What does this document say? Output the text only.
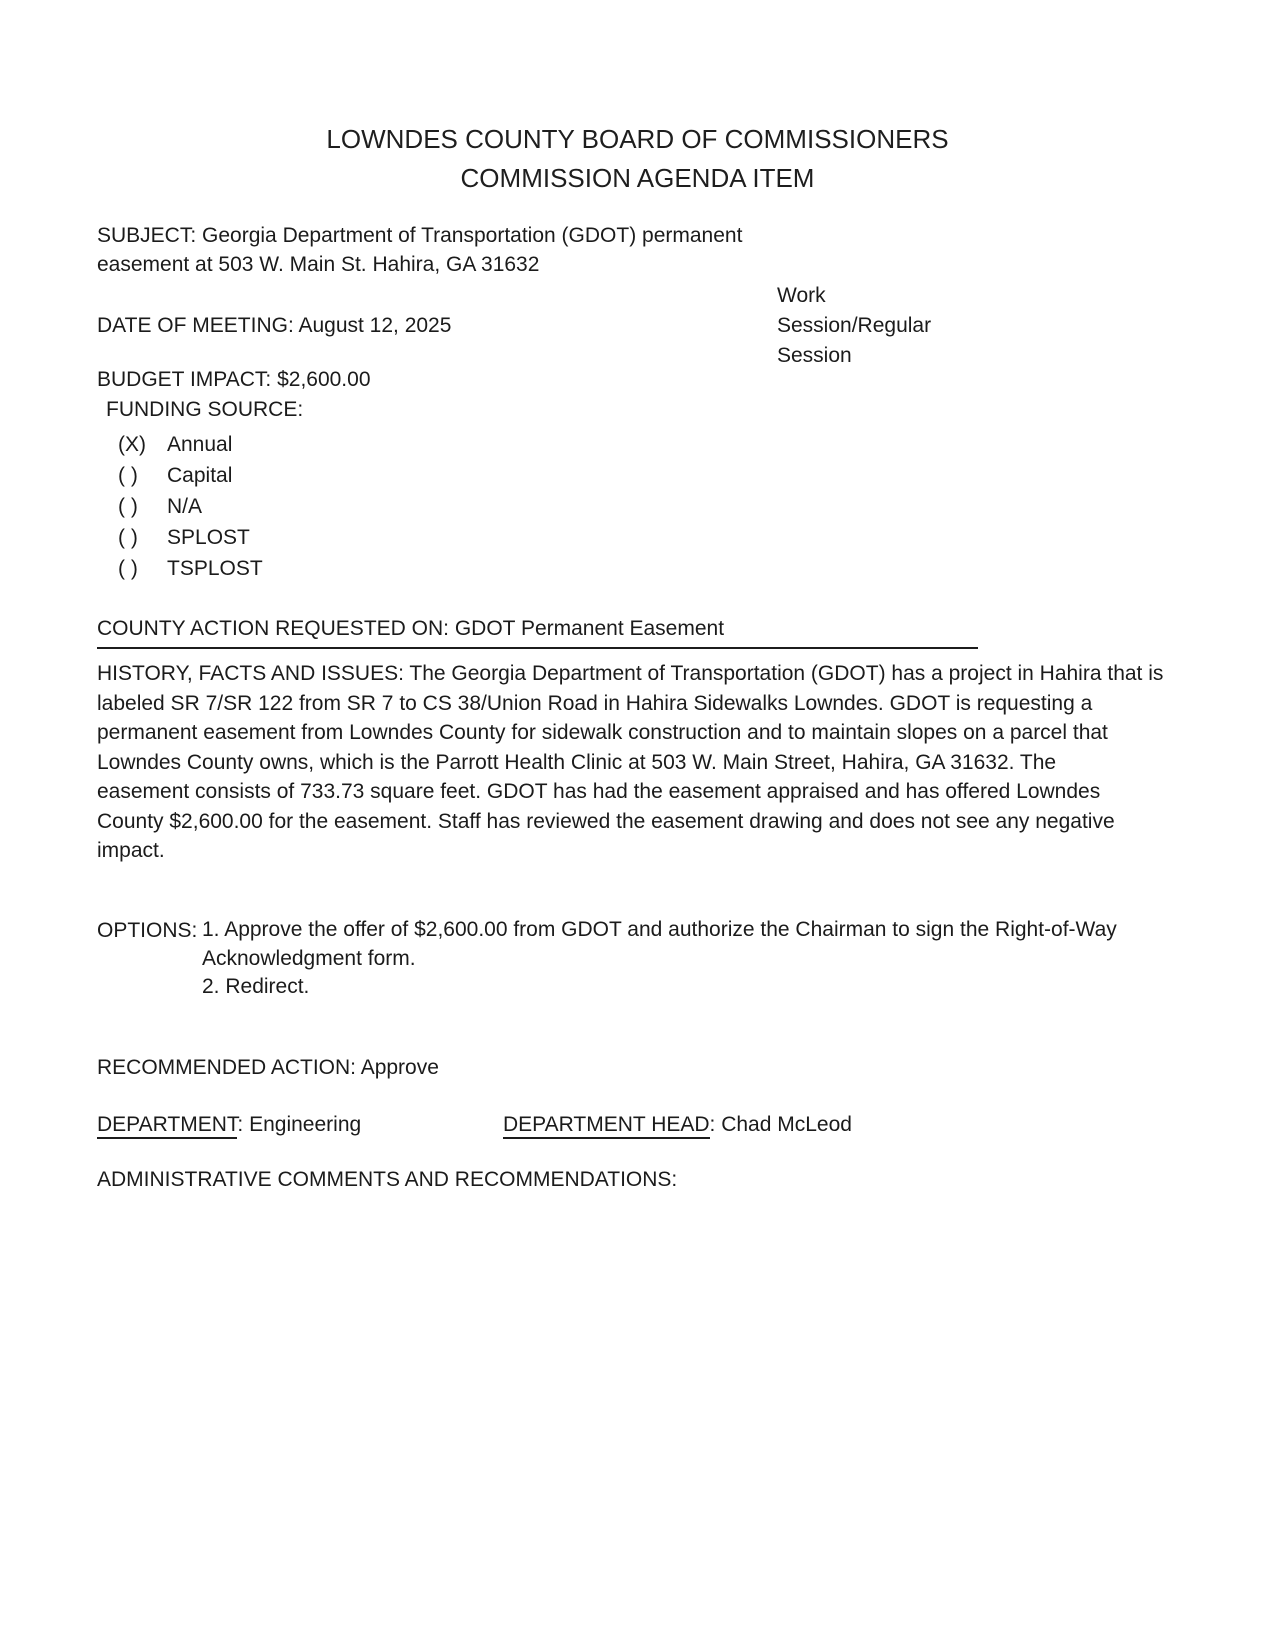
LOWNDES COUNTY BOARD OF COMMISSIONERS
COMMISSION AGENDA ITEM
SUBJECT: Georgia Department of Transportation (GDOT) permanent
easement at 503 W. Main St. Hahira, GA 31632
Work
Session/Regular
Session
DATE OF MEETING: August 12, 2025
BUDGET IMPACT: $2,600.00
FUNDING SOURCE:
(X) Annual
( ) Capital
( ) N/A
( ) SPLOST
( ) TSPLOST
COUNTY ACTION REQUESTED ON: GDOT Permanent Easement
HISTORY, FACTS AND ISSUES: The Georgia Department of Transportation (GDOT) has a project in Hahira that is
labeled SR 7/SR 122 from SR 7 to CS 38/Union Road in Hahira Sidewalks Lowndes. GDOT is requesting a
permanent easement from Lowndes County for sidewalk construction and to maintain slopes on a parcel that
Lowndes County owns, which is the Parrott Health Clinic at 503 W. Main Street, Hahira, GA 31632. The
easement consists of 733.73 square feet. GDOT has had the easement appraised and has offered Lowndes
County $2,600.00 for the easement. Staff has reviewed the easement drawing and does not see any negative
impact.
OPTIONS: 1. Approve the offer of $2,600.00 from GDOT and authorize the Chairman to sign the Right-of-Way
Acknowledgment form.
2. Redirect.
RECOMMENDED ACTION: Approve
DEPARTMENT: Engineering	DEPARTMENT HEAD: Chad McLeod
ADMINISTRATIVE COMMENTS AND RECOMMENDATIONS:
